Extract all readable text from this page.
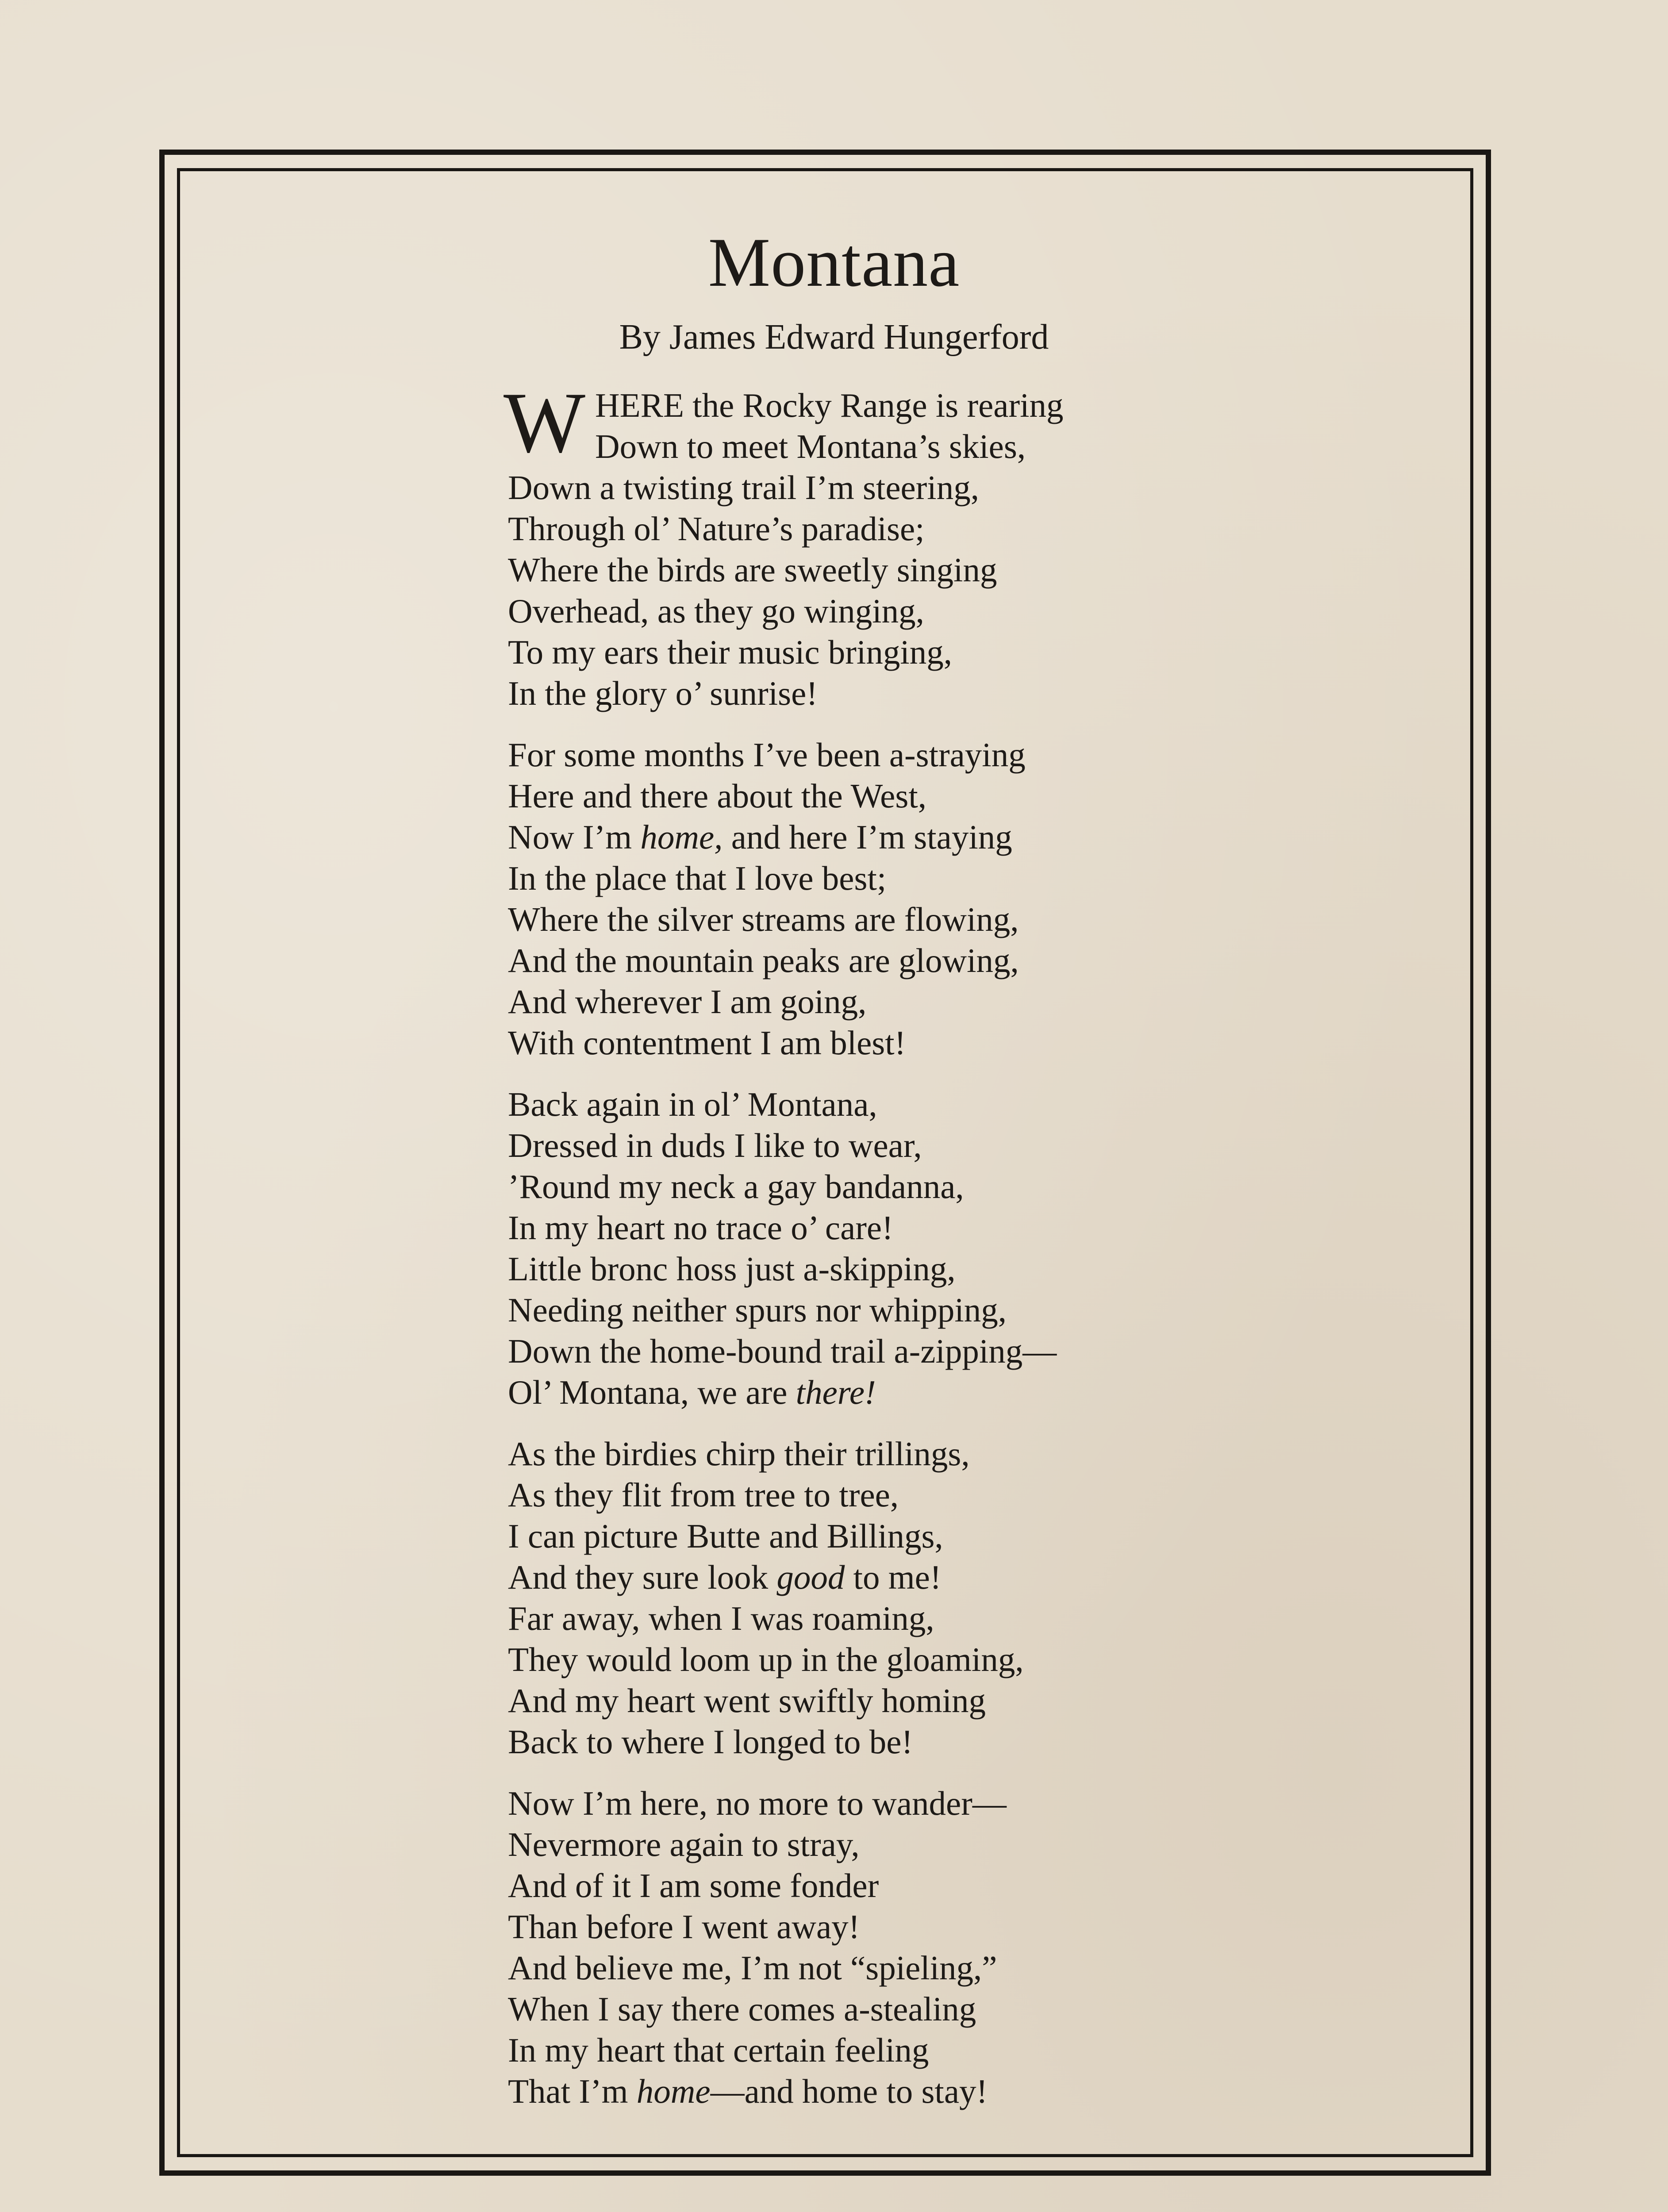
Montana
By James Edward Hungerford
W HERE the Rocky Range is rearing
Down to meet Montana’s skies,
Down a twisting trail I’m steering,
Through ol’ Nature’s paradise;
Where the birds are sweetly singing
Overhead, as they go winging,
To my ears their music bringing,
In the glory o’ sunrise!
For some months I’ve been a-straying
Here and there about the West,
Now I’m home, and here I’m staying
In the place that I love best;
Where the silver streams are flowing,
And the mountain peaks are glowing,
And wherever I am going,
With contentment I am blest!
Back again in ol’ Montana,
Dressed in duds I like to wear,
’Round my neck a gay bandanna,
In my heart no trace o’ care!
Little bronc hoss just a-skipping,
Needing neither spurs nor whipping,
Down the home-bound trail a-zipping—
Ol’ Montana, we are there!
As the birdies chirp their trillings,
As they flit from tree to tree,
I can picture Butte and Billings,
And they sure look good to me!
Far away, when I was roaming,
They would loom up in the gloaming,
And my heart went swiftly homing
Back to where I longed to be!
Now I’m here, no more to wander—
Nevermore again to stray,
And of it I am some fonder
Than before I went away!
And believe me, I’m not “spieling,”
When I say there comes a-stealing
In my heart that certain feeling
That I’m home—and home to stay!
